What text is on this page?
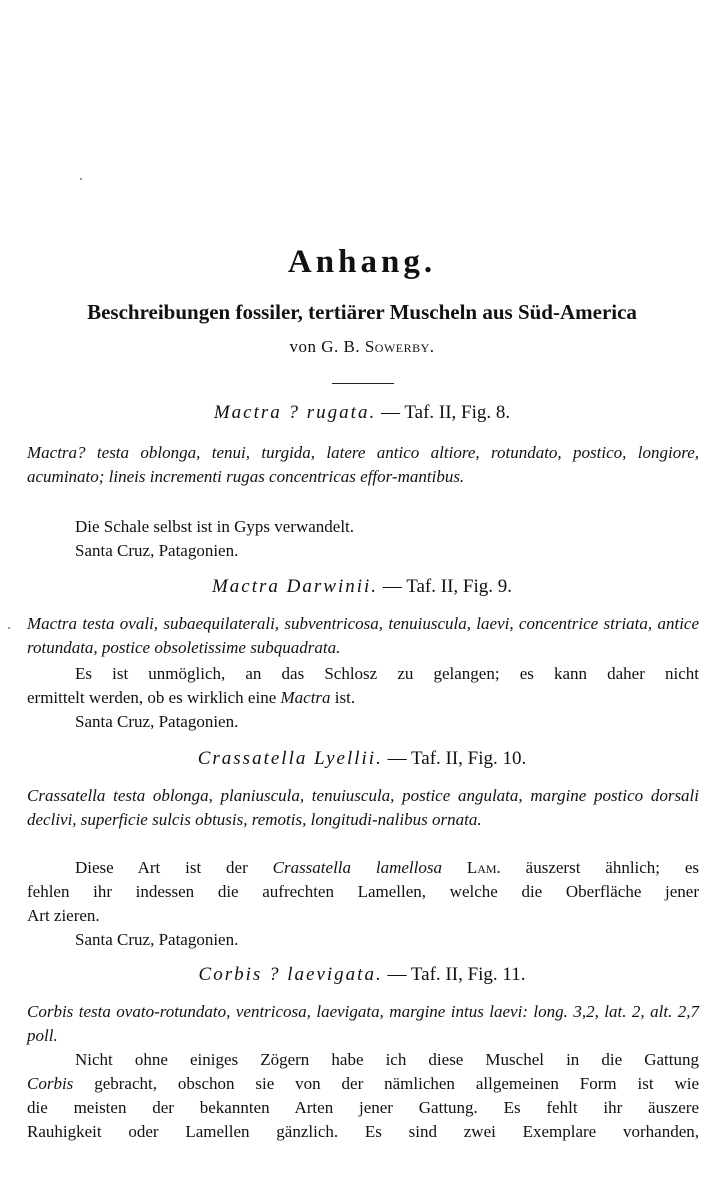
Anhang.
Beschreibungen fossiler, tertiärer Muscheln aus Süd-America

von G. B. Sowerby.

Mactra ? rugata. — Taf. II, Fig. 8.

Mactra? testa oblonga, tenui, turgida, latere antico altiore, rotundato, postico, longiore, acuminato; lineis incrementi rugas concentricas effor-mantibus.

Die Schale selbst ist in Gyps verwandelt.

Santa Cruz, Patagonien.

Mactra Darwinii. — Taf. II, Fig. 9.

Mactra testa ovali, subaequilaterali, subventricosa, tenuiuscula, laevi, concentrice striata, antice rotundata, postice obsoletissime subquadrata.

Es ist unmöglich, an das Schlosz zu gelangen; es kann daher nicht

ermittelt werden, ob es wirklich eine Mactra ist.

Santa Cruz, Patagonien.

Crassatella Lyellii. — Taf. II, Fig. 10.

Crassatella testa oblonga, planiuscula, tenuiuscula, postice angulata, margine postico dorsali declivi, superficie sulcis obtusis, remotis, longitudi-nalibus ornata.

Diese Art ist der Crassatella lamellosa Lam. äuszerst ähnlich; es

fehlen ihr indessen die aufrechten Lamellen, welche die Oberfläche jener

Art zieren.

Santa Cruz, Patagonien.

Corbis ? laevigata. — Taf. II, Fig. 11.

Corbis testa ovato-rotundato, ventricosa, laevigata, margine intus laevi: long. 3,2, lat. 2, alt. 2,7 poll.

Nicht ohne einiges Zögern habe ich diese Muschel in die Gattung

Corbis gebracht, obschon sie von der nämlichen allgemeinen Form ist wie

die meisten der bekannten Arten jener Gattung. Es fehlt ihr äuszere

Rauhigkeit oder Lamellen gänzlich. Es sind zwei Exemplare vorhanden,
